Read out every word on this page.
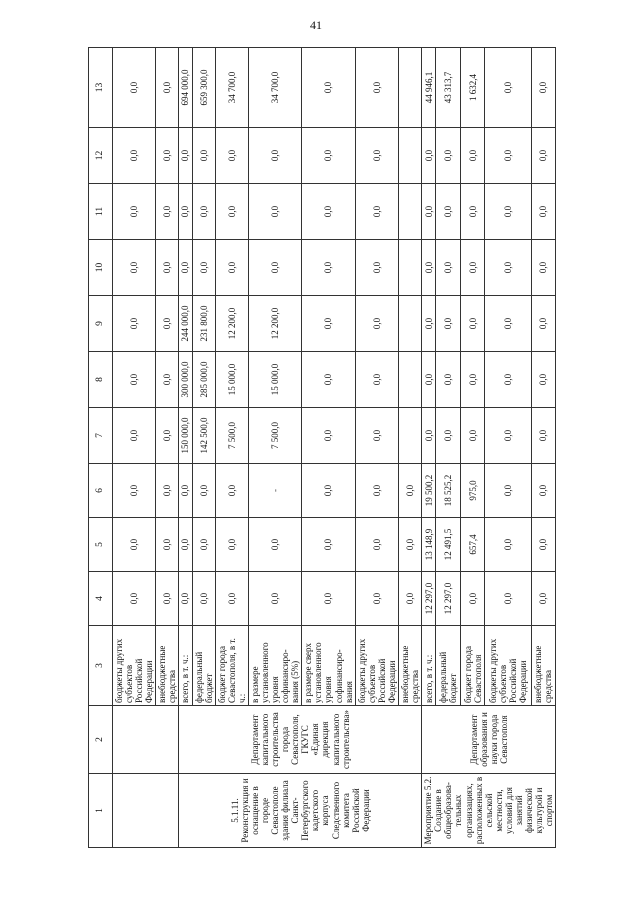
41
1	2	3	4	5	6	7	8	9	10	11	12	13
		бюджеты других субъектов Российской Федерации	0,0	0,0	0,0	0,0	0,0	0,0	0,0	0,0	0,0	0,0
		внебюджетные средства	0,0	0,0	0,0	0,0	0,0	0,0	0,0	0,0	0,0	0,0
5.1.11. Реконструкция и оснащение в городе Севастополе здания филиала Санкт-Петербургского кадетского корпуса Следственного комитета Российской Федерации	Департамент капитального строительства города Севастополя, ГКУГС «Единая дирекция капитального строительства»	всего, в т. ч.:	0,0	0,0	0,0	150 000,0	300 000,0	244 000,0	0,0	0,0	0,0	694 000,0
		федеральный бюджет	0,0	0,0	0,0	142 500,0	285 000,0	231 800,0	0,0	0,0	0,0	659 300,0
		бюджет города Севастополя, в т. ч.:	0,0	0,0	0,0	7 500,0	15 000,0	12 200,0	0,0	0,0	0,0	34 700,0
		в размере установленного уровня софинансиро-вания (5%)	0,0	0,0	-	7 500,0	15 000,0	12 200,0	0,0	0,0	0,0	34 700,0
		в размере сверх установленного уровня софинансиро-вания	0,0	0,0	0,0	0,0	0,0	0,0	0,0	0,0	0,0	0,0
		бюджеты других субъектов Российской Федерации	0,0	0,0	0,0	0,0	0,0	0,0	0,0	0,0	0,0	0,0
		внебюджетные средства	0,0	0,0	0,0							
Мероприятие 5.2. Создание в общеобразова-тельных организациях, расположенных в сельской местности, условий для занятий физической культурой и спортом	Департамент образования и науки города Севастополя	всего, в т. ч.:	12 297,0	13 148,9	19 500,2	0,0	0,0	0,0	0,0	0,0	0,0	44 946,1
		федеральный бюджет	12 297,0	12 491,5	18 525,2	0,0	0,0	0,0	0,0	0,0	0,0	43 313,7
		бюджет города Севастополя	0,0	657,4	975,0	0,0	0,0	0,0	0,0	0,0	0,0	1 632,4
		бюджеты других субъектов Российской Федерации	0,0	0,0	0,0	0,0	0,0	0,0	0,0	0,0	0,0	0,0
		внебюджетные средства	0,0	0,0	0,0	0,0	0,0	0,0	0,0	0,0	0,0	0,0
